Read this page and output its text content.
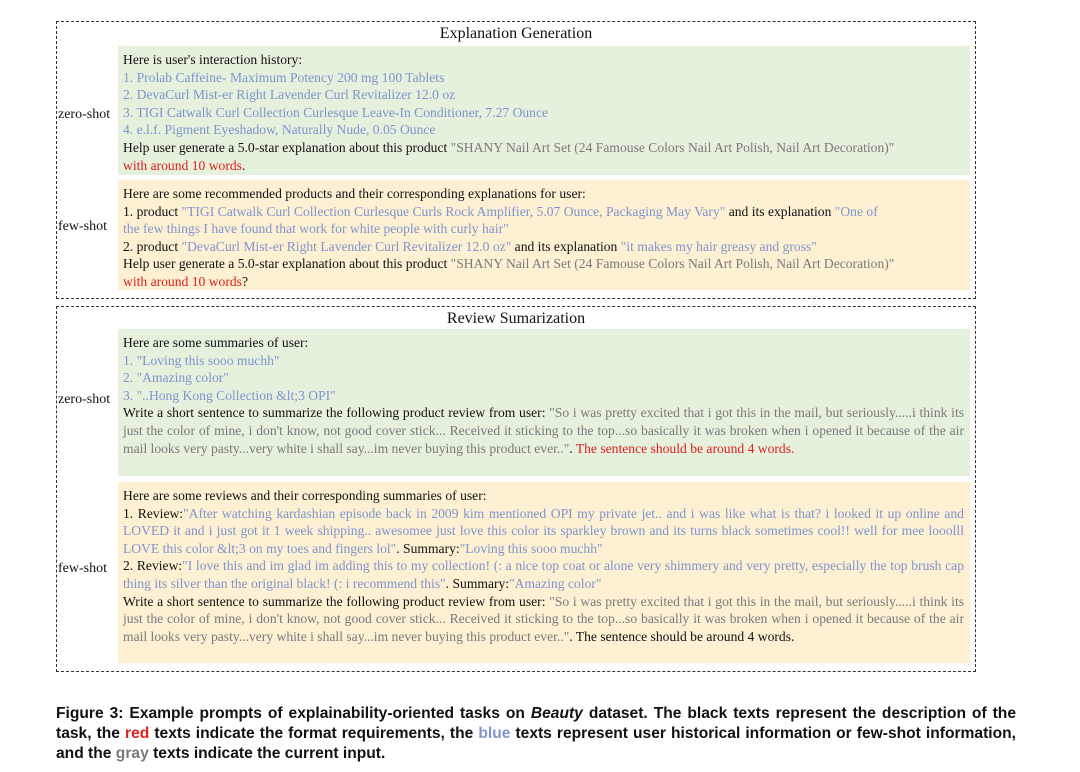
Explanation Generation
zero-shot
Here is user's interaction history:
1. Prolab Caffeine- Maximum Potency 200 mg 100 Tablets
2. DevaCurl Mist-er Right Lavender Curl Revitalizer 12.0 oz
3. TIGI Catwalk Curl Collection Curlesque Leave-In Conditioner, 7.27 Ounce
4. e.l.f. Pigment Eyeshadow, Naturally Nude, 0.05 Ounce
Help user generate a 5.0-star explanation about this product "SHANY Nail Art Set (24 Famouse Colors Nail Art Polish, Nail Art Decoration)"
with around 10 words.
few-shot
Here are some recommended products and their corresponding explanations for user:
1. product "TIGI Catwalk Curl Collection Curlesque Curls Rock Amplifier, 5.07 Ounce, Packaging May Vary" and its explanation "One of
the few things I have found that work for white people with curly hair"
2. product "DevaCurl Mist-er Right Lavender Curl Revitalizer 12.0 oz" and its explanation "it makes my hair greasy and gross"
Help user generate a 5.0-star explanation about this product "SHANY Nail Art Set (24 Famouse Colors Nail Art Polish, Nail Art Decoration)"
with around 10 words?
Review Sumarization
zero-shot
Here are some summaries of user:
1. "Loving this sooo muchh"
2. "Amazing color"
3. "..Hong Kong Collection &lt;3 OPI"
Write a short sentence to summarize the following product review from user: "So i was pretty excited that i got this in the mail, but seriously.....i think its just the color of mine, i don't know, not good cover stick... Received it sticking to the top...so basically it was broken when i opened it because of the air mail looks very pasty...very white i shall say...im never buying this product ever..". The sentence should be around 4 words.
few-shot
Here are some reviews and their corresponding summaries of user:
1. Review:"After watching kardashian episode back in 2009 kim mentioned OPI my private jet.. and i was like what is that? i looked it up online and LOVED it and i just got it 1 week shipping.. awesomee just love this color its sparkley brown and its turns black sometimes cool!! well for mee looolll LOVE this color &lt;3 on my toes and fingers lol". Summary:"Loving this sooo muchh"
2. Review:"I love this and im glad im adding this to my collection! (: a nice top coat or alone very shimmery and very pretty, especially the top brush cap thing its silver than the original black! (: i recommend this". Summary:"Amazing color"
Write a short sentence to summarize the following product review from user: "So i was pretty excited that i got this in the mail, but seriously.....i think its just the color of mine, i don't know, not good cover stick... Received it sticking to the top...so basically it was broken when i opened it because of the air mail looks very pasty...very white i shall say...im never buying this product ever..". The sentence should be around 4 words.
Figure 3: Example prompts of explainability-oriented tasks on Beauty dataset. The black texts represent the description of the task, the red texts indicate the format requirements, the blue texts represent user historical information or few-shot information, and the gray texts indicate the current input.
